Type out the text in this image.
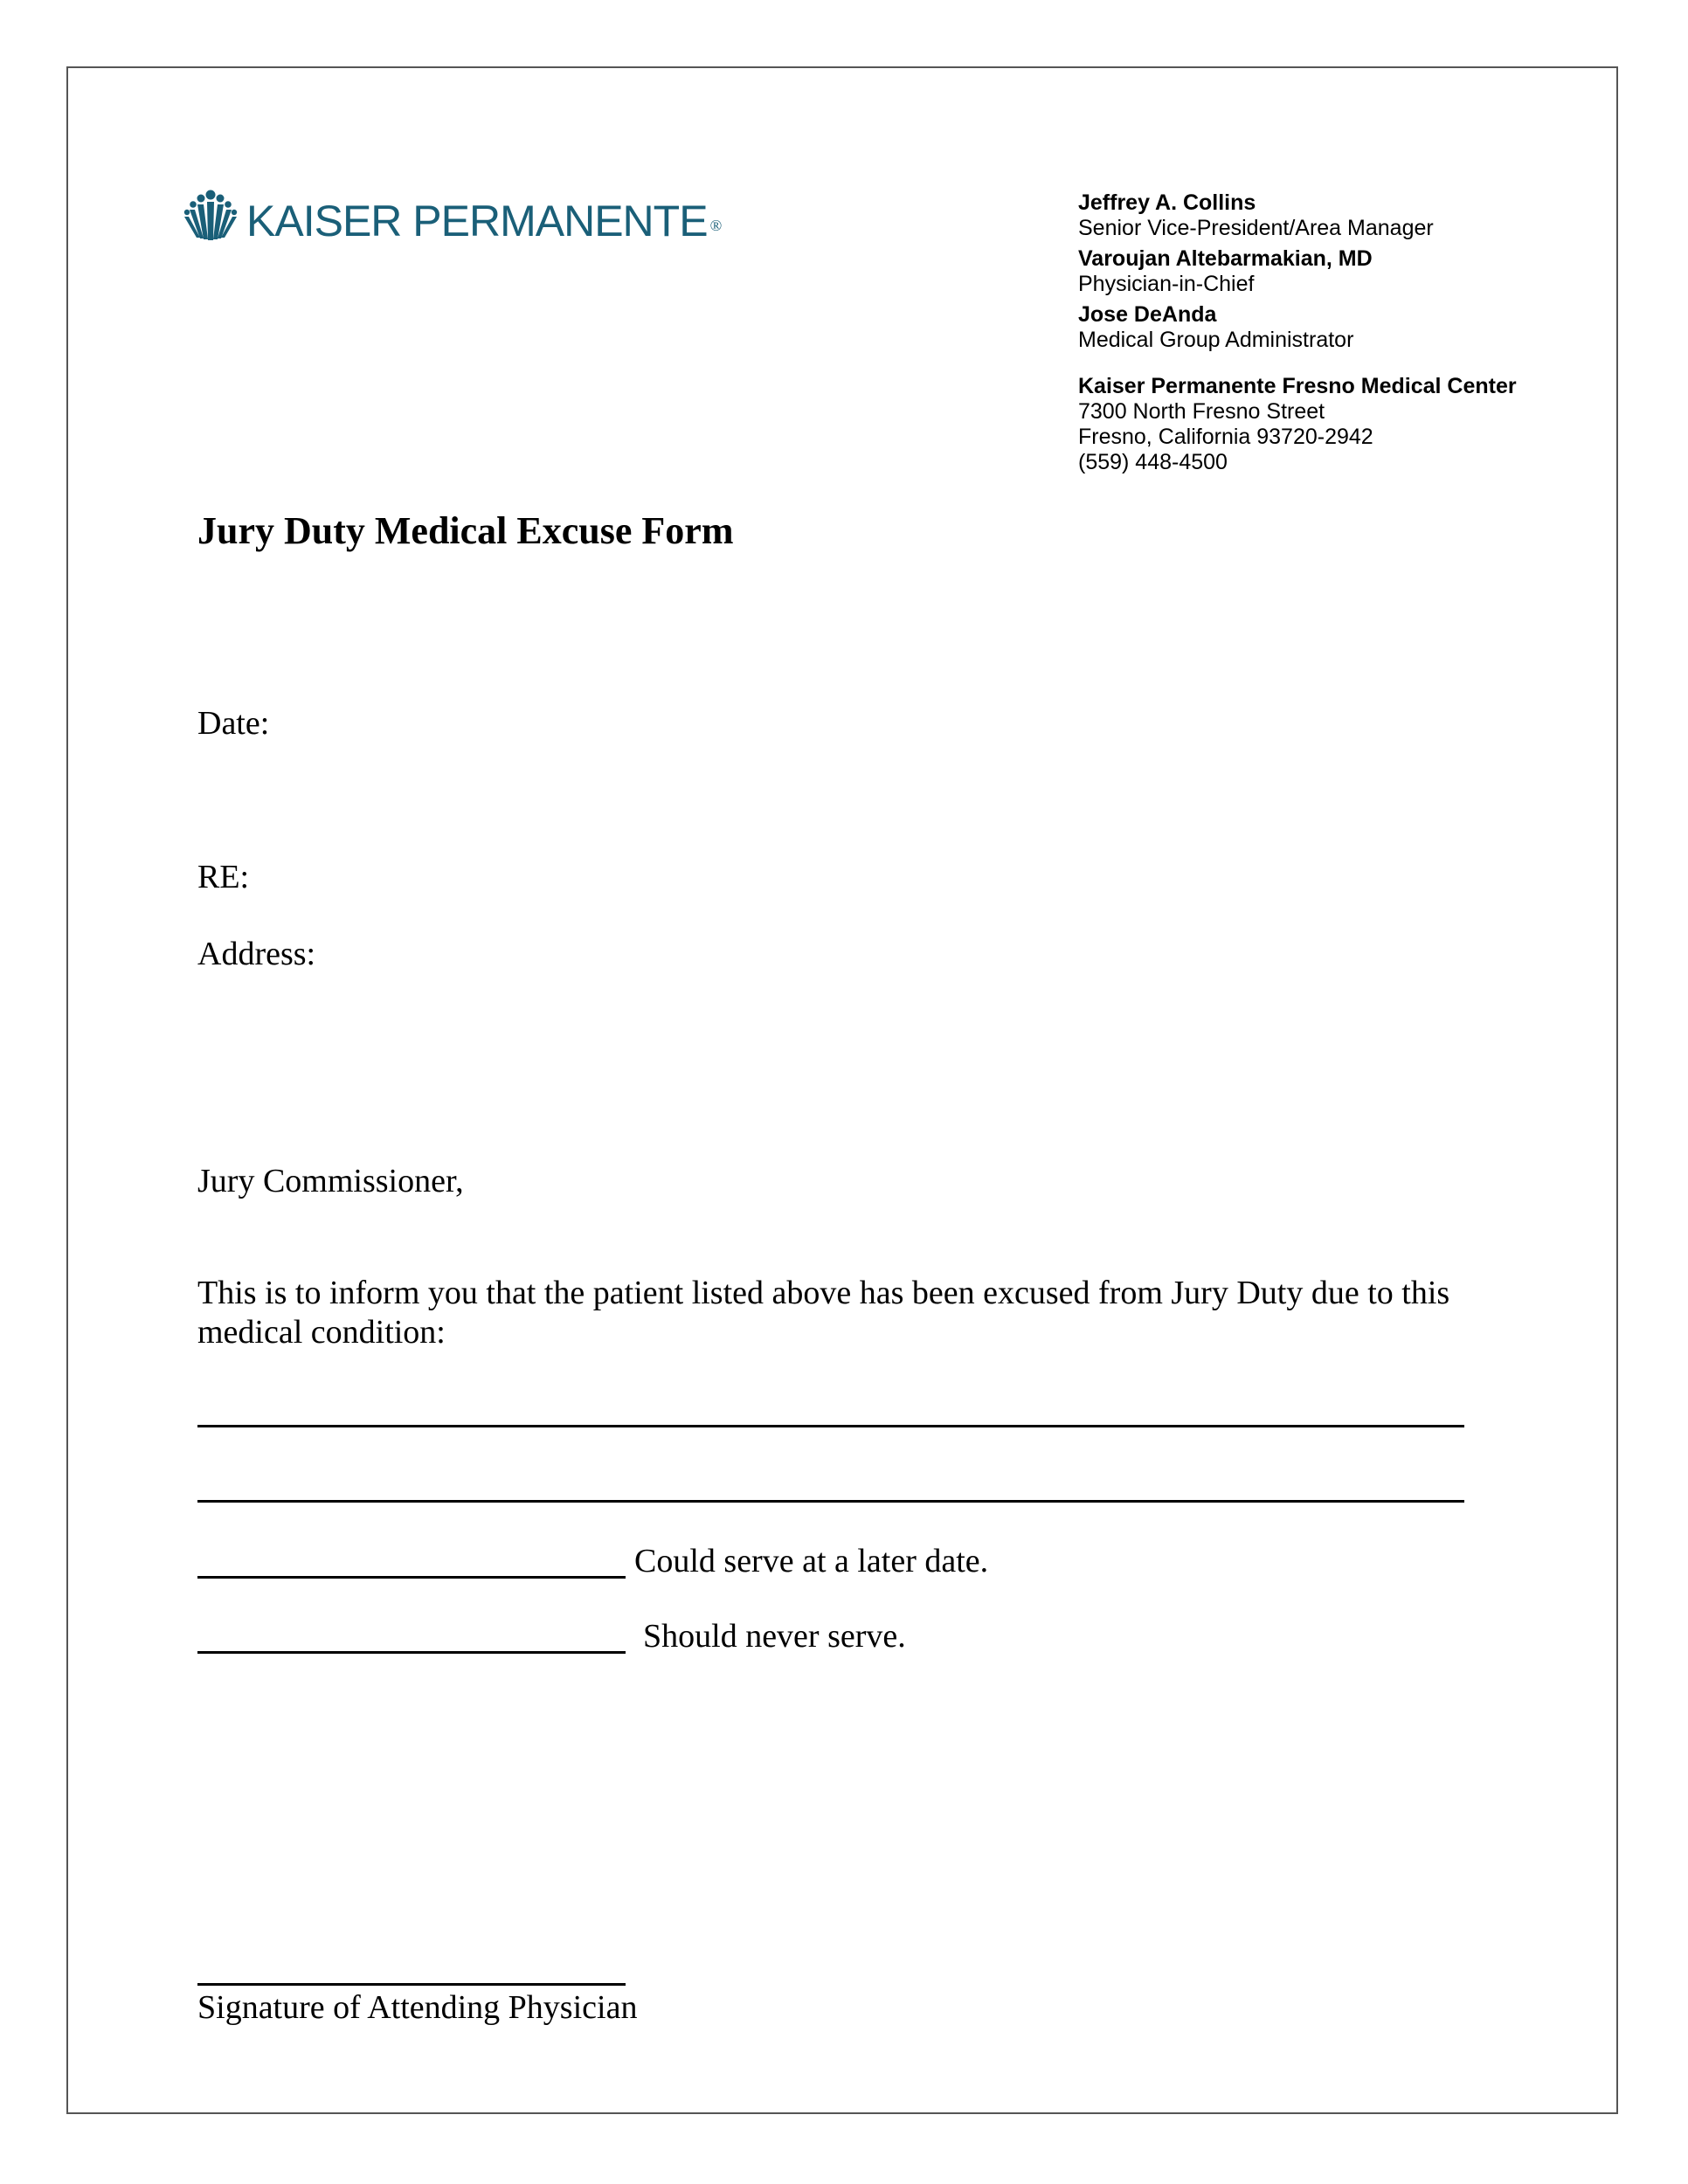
KAISER PERMANENTE ®
Jeffrey A. Collins
Senior Vice-President/Area Manager
Varoujan Altebarmakian, MD
Physician-in-Chief
Jose DeAnda
Medical Group Administrator
Kaiser Permanente Fresno Medical Center
7300 North Fresno Street
Fresno, California 93720-2942
(559) 448-4500
Jury Duty Medical Excuse Form
Date:
RE:
Address:
Jury Commissioner,
This is to inform you that the patient listed above has been excused from Jury Duty due to this
medical condition:
Could serve at a later date.
Should never serve.
Signature of Attending Physician
